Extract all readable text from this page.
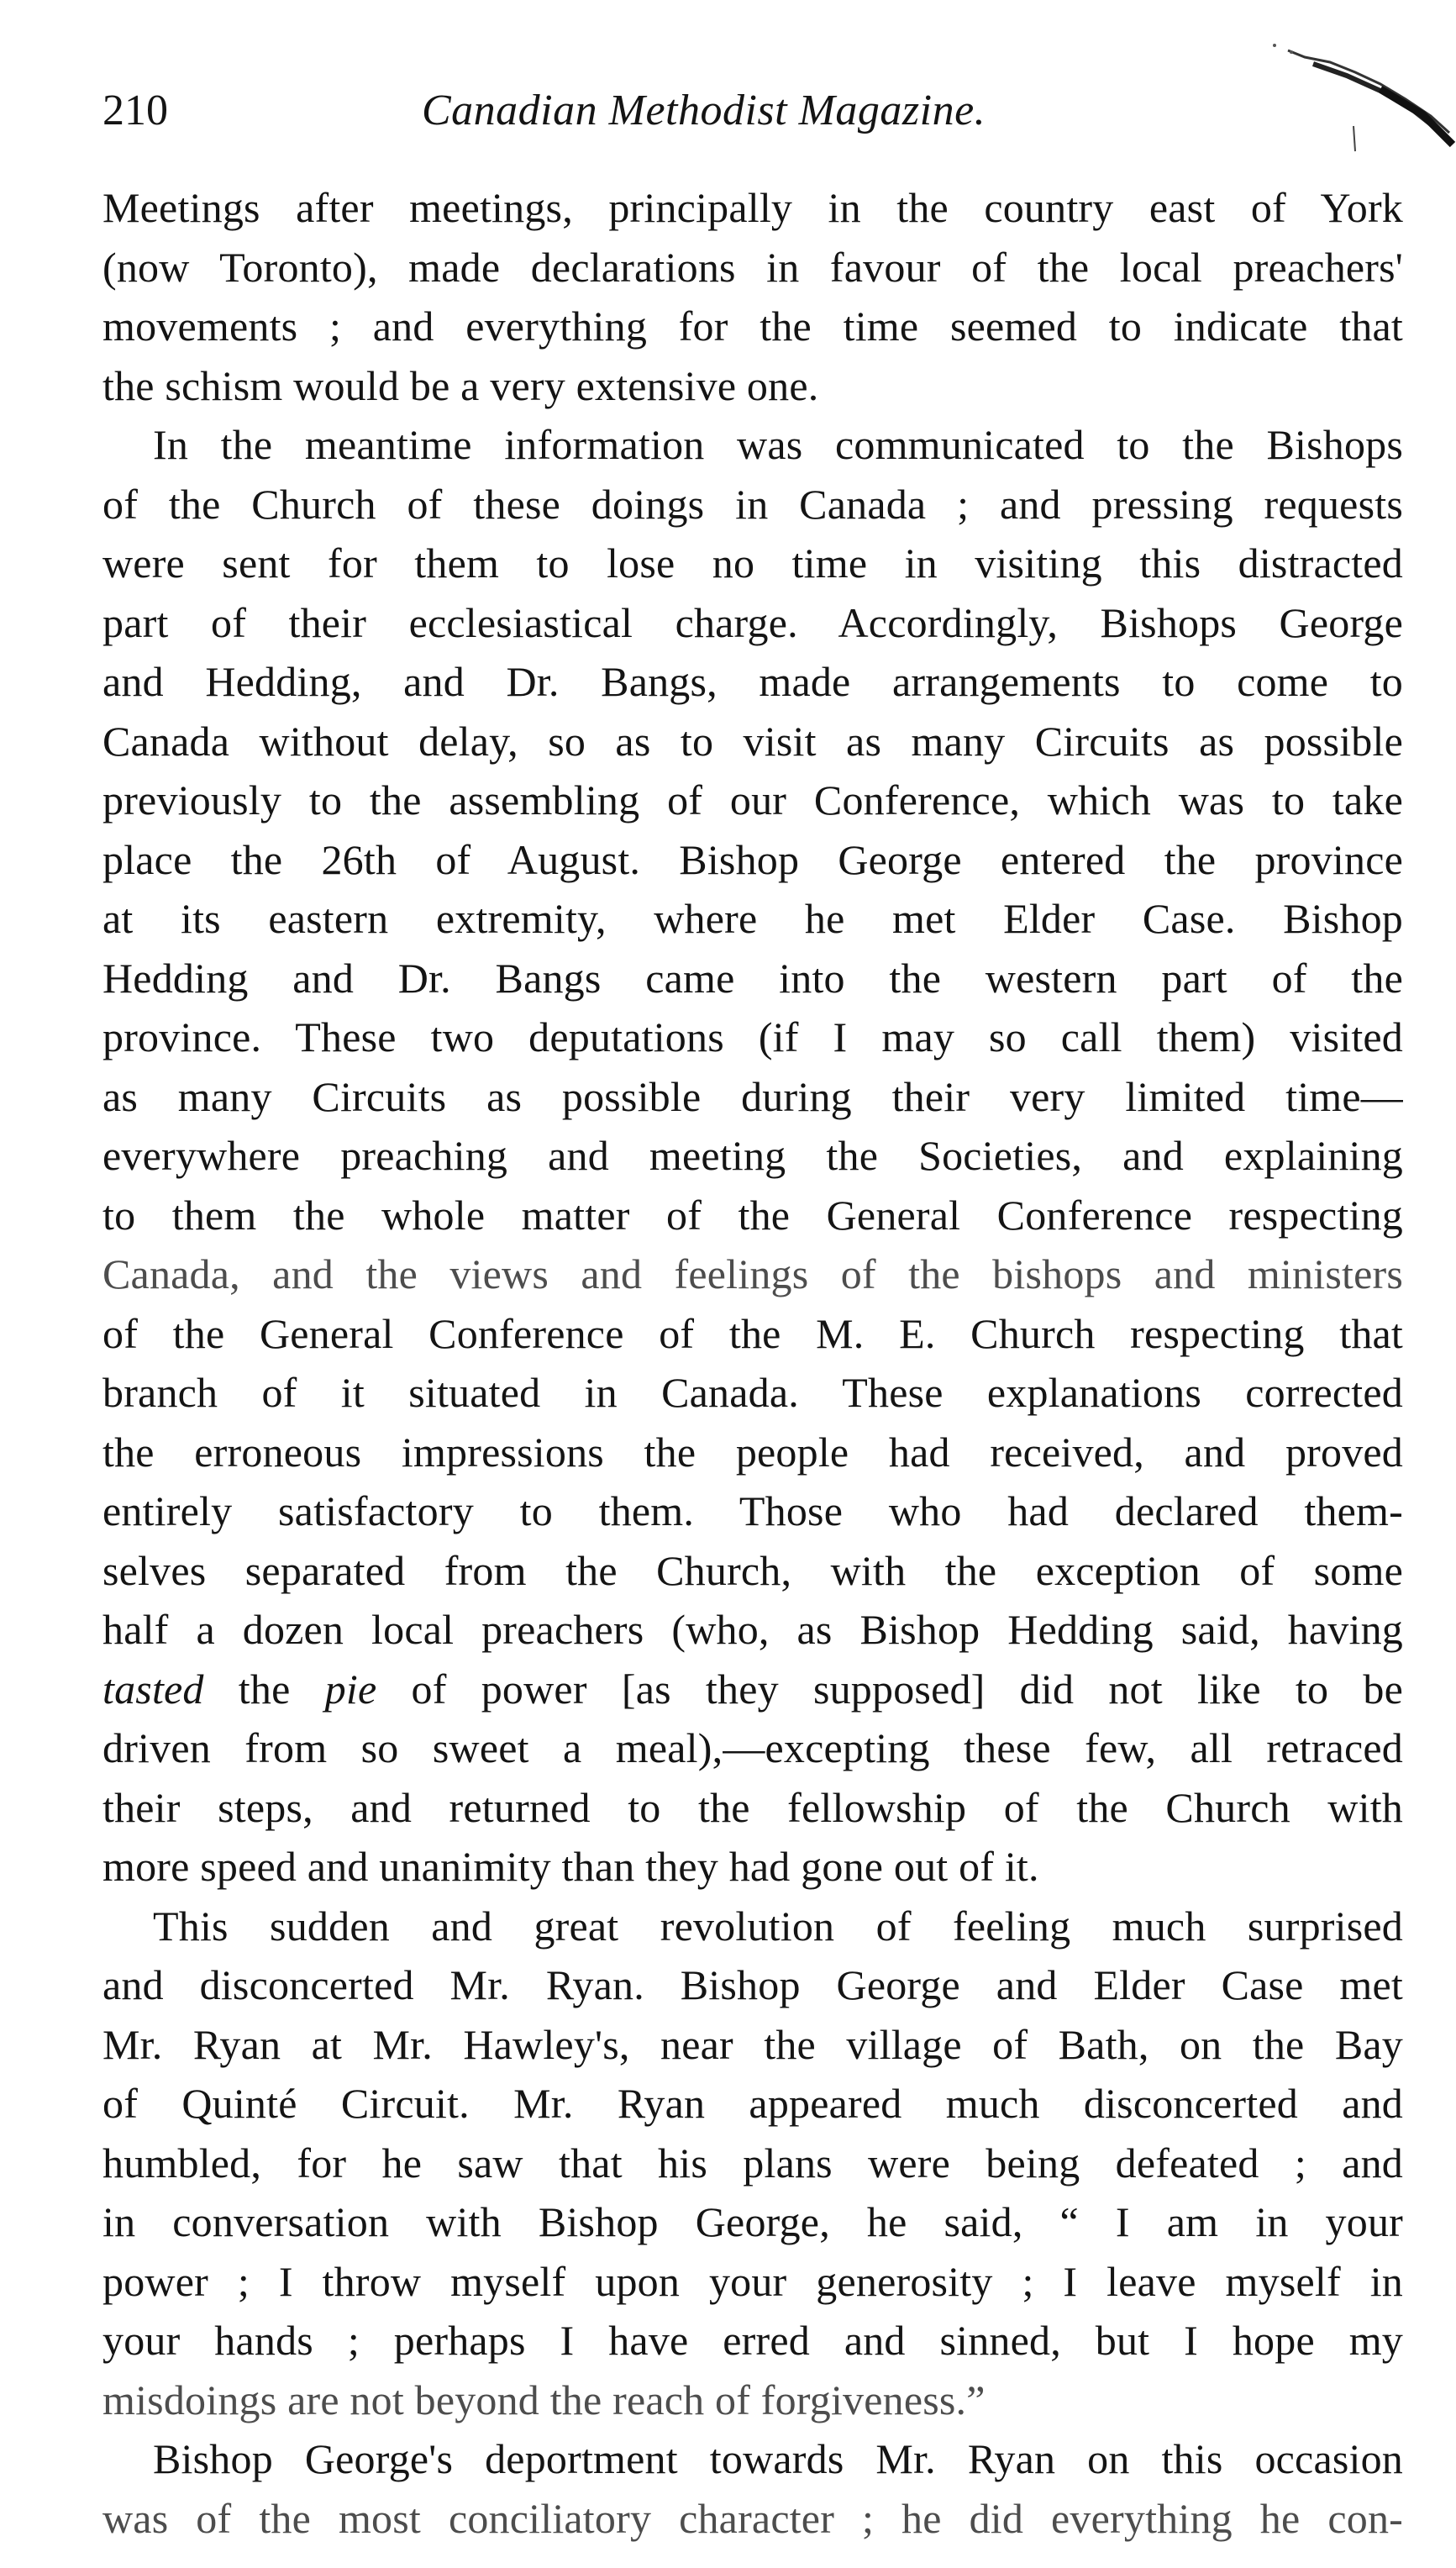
210	Canadian Methodist Magazine.
Meetings after meetings, principally in the country east of York
(now Toronto), made declarations in favour of the local preachers'
movements ; and everything for the time seemed to indicate that
the schism would be a very extensive one.
In the meantime information was communicated to the Bishops
of the Church of these doings in Canada ; and pressing requests
were sent for them to lose no time in visiting this distracted
part of their ecclesiastical charge. Accordingly, Bishops George
and Hedding, and Dr. Bangs, made arrangements to come to
Canada without delay, so as to visit as many Circuits as possible
previously to the assembling of our Conference, which was to take
place the 26th of August. Bishop George entered the province
at its eastern extremity, where he met Elder Case. Bishop
Hedding and Dr. Bangs came into the western part of the
province. These two deputations (if I may so call them) visited
as many Circuits as possible during their very limited time—
everywhere preaching and meeting the Societies, and explaining
to them the whole matter of the General Conference respecting
Canada, and the views and feelings of the bishops and ministers
of the General Conference of the M. E. Church respecting that
branch of it situated in Canada. These explanations corrected
the erroneous impressions the people had received, and proved
entirely satisfactory to them. Those who had declared them-
selves separated from the Church, with the exception of some
half a dozen local preachers (who, as Bishop Hedding said, having
tasted the pie of power [as they supposed] did not like to be
driven from so sweet a meal),—excepting these few, all retraced
their steps, and returned to the fellowship of the Church with
more speed and unanimity than they had gone out of it.
This sudden and great revolution of feeling much surprised
and disconcerted Mr. Ryan. Bishop George and Elder Case met
Mr. Ryan at Mr. Hawley's, near the village of Bath, on the Bay
of Quinté Circuit. Mr. Ryan appeared much disconcerted and
humbled, for he saw that his plans were being defeated ; and
in conversation with Bishop George, he said, “ I am in your
power ; I throw myself upon your generosity ; I leave myself in
your hands ; perhaps I have erred and sinned, but I hope my
misdoings are not beyond the reach of forgiveness.”
Bishop George's deportment towards Mr. Ryan on this occasion
was of the most conciliatory character ; he did everything he con-
